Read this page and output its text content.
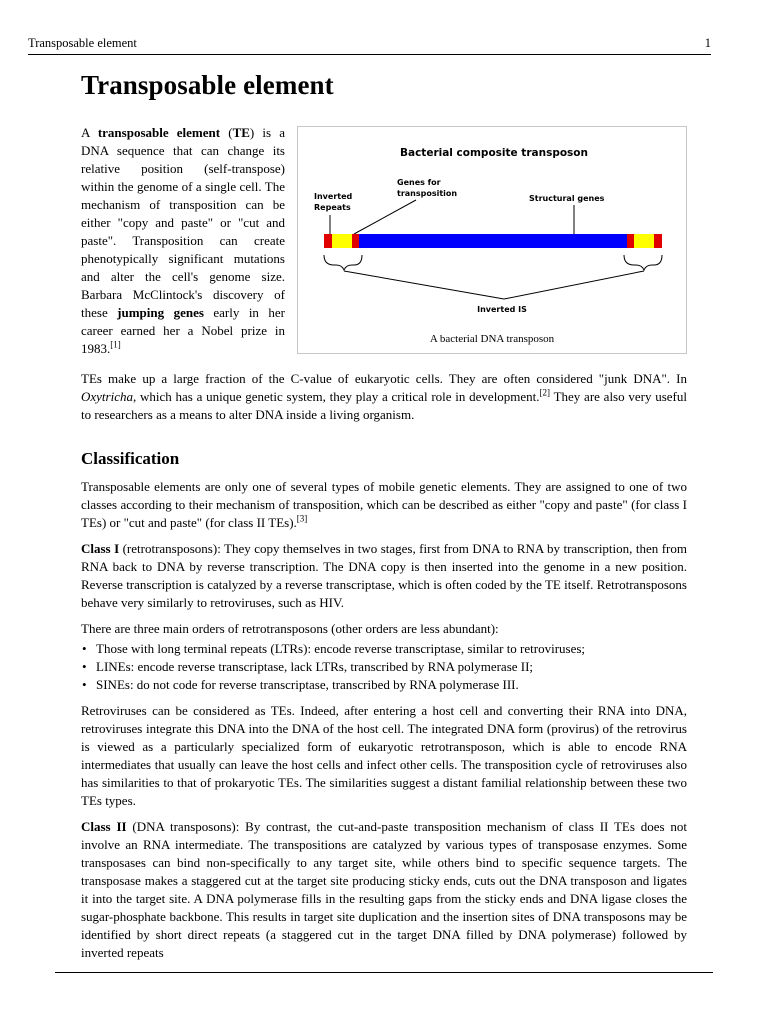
Transposable element	1
Transposable element

A transposable element (TE) is a DNA sequence that can change its relative position (self-transpose) within the genome of a single cell. The mechanism of transposition can be either "copy and paste" or "cut and paste". Transposition can create phenotypically significant mutations and alter the cell's genome size. Barbara McClintock's discovery of these jumping genes early in her career earned her a Nobel prize in 1983.[1]

Bacterial composite transposon
Inverted
Repeats
Genes for
transposition
Structural genes
Inverted IS
A bacterial DNA transposon

TEs make up a large fraction of the C-value of eukaryotic cells. They are often considered "junk DNA". In Oxytricha, which has a unique genetic system, they play a critical role in development.[2] They are also very useful to researchers as a means to alter DNA inside a living organism.

Classification

Transposable elements are only one of several types of mobile genetic elements. They are assigned to one of two classes according to their mechanism of transposition, which can be described as either "copy and paste" (for class I TEs) or "cut and paste" (for class II TEs).[3]

Class I (retrotransposons): They copy themselves in two stages, first from DNA to RNA by transcription, then from RNA back to DNA by reverse transcription. The DNA copy is then inserted into the genome in a new position. Reverse transcription is catalyzed by a reverse transcriptase, which is often coded by the TE itself. Retrotransposons behave very similarly to retroviruses, such as HIV.

There are three main orders of retrotransposons (other orders are less abundant):

• Those with long terminal repeats (LTRs): encode reverse transcriptase, similar to retroviruses;
• LINEs: encode reverse transcriptase, lack LTRs, transcribed by RNA polymerase II;
• SINEs: do not code for reverse transcriptase, transcribed by RNA polymerase III.

Retroviruses can be considered as TEs. Indeed, after entering a host cell and converting their RNA into DNA, retroviruses integrate this DNA into the DNA of the host cell. The integrated DNA form (provirus) of the retrovirus is viewed as a particularly specialized form of eukaryotic retrotransposon, which is able to encode RNA intermediates that usually can leave the host cells and infect other cells. The transposition cycle of retroviruses also has similarities to that of prokaryotic TEs. The similarities suggest a distant familial relationship between these two TEs types.

Class II (DNA transposons): By contrast, the cut-and-paste transposition mechanism of class II TEs does not involve an RNA intermediate. The transpositions are catalyzed by various types of transposase enzymes. Some transposases can bind non-specifically to any target site, while others bind to specific sequence targets. The transposase makes a staggered cut at the target site producing sticky ends, cuts out the DNA transposon and ligates it into the target site. A DNA polymerase fills in the resulting gaps from the sticky ends and DNA ligase closes the sugar-phosphate backbone. This results in target site duplication and the insertion sites of DNA transposons may be identified by short direct repeats (a staggered cut in the target DNA filled by DNA polymerase) followed by inverted repeats
